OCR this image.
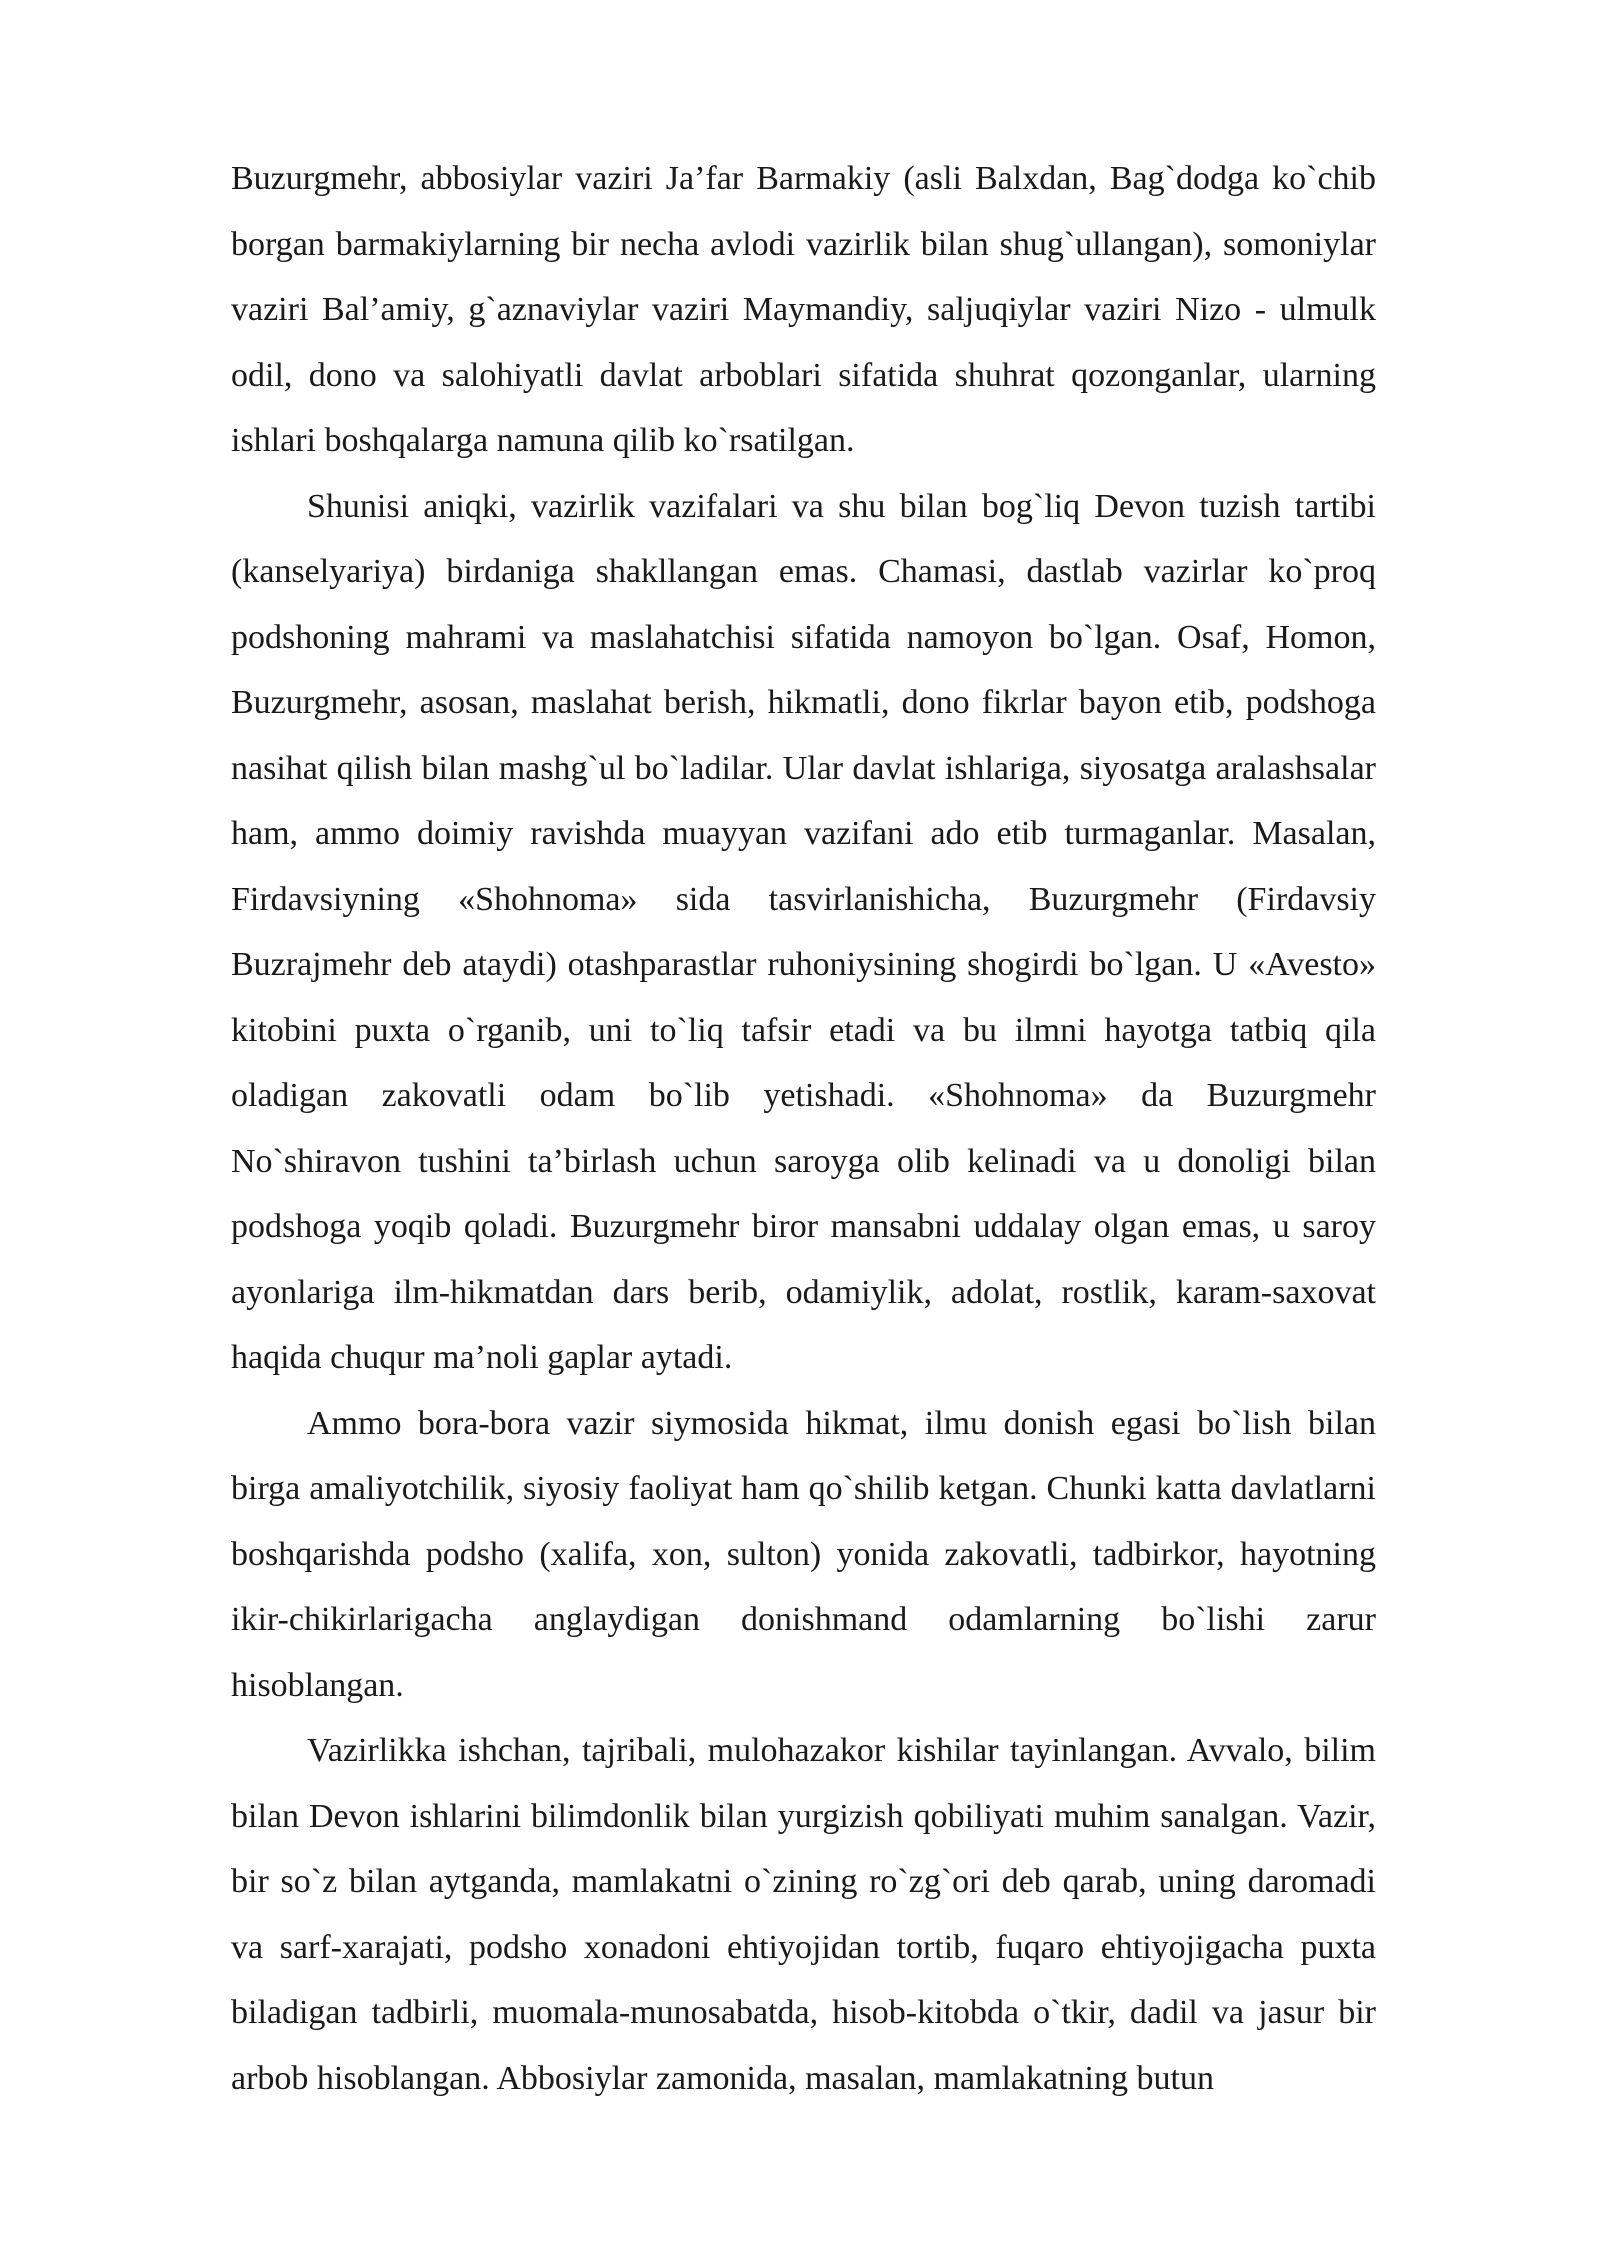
Buzurgmehr, abbosiylar vaziri Ja’far Barmakiy (asli Balxdan, Bag`dodga ko`chib borgan barmakiylarning bir necha avlodi vazirlik bilan shug`ullangan), somoniylar vaziri Bal’amiy, g`aznaviylar vaziri Maymandiy, saljuqiylar vaziri Nizo - ulmulk odil, dono va salohiyatli davlat arboblari sifatida shuhrat qozonganlar, ularning ishlari boshqalarga namuna qilib ko`rsatilgan.

Shunisi aniqki, vazirlik vazifalari va shu bilan bog`liq Devon tuzish tartibi (kanselyariya) birdaniga shakllangan emas. Chamasi, dastlab vazirlar ko`proq podshoning mahrami va maslahatchisi sifatida namoyon bo`lgan. Osaf, Homon, Buzurgmehr, asosan, maslahat berish, hikmatli, dono fikrlar bayon etib, podshoga nasihat qilish bilan mashg`ul bo`ladilar. Ular davlat ishlariga, siyosatga aralashsalar ham, ammo doimiy ravishda muayyan vazifani ado etib turmaganlar. Masalan, Firdavsiyning «Shohnoma» sida tasvirlanishicha, Buzurgmehr (Firdavsiy Buzrajmehr deb ataydi) otashparastlar ruhoniysining shogirdi bo`lgan. U «Avesto» kitobini puxta o`rganib, uni to`liq tafsir etadi va bu ilmni hayotga tatbiq qila oladigan zakovatli odam bo`lib yetishadi. «Shohnoma» da Buzurgmehr No`shiravon tushini ta’birlash uchun saroyga olib kelinadi va u donoligi bilan podshoga yoqib qoladi. Buzurgmehr biror mansabni uddalay olgan emas, u saroy ayonlariga ilm-hikmatdan dars berib, odamiylik, adolat, rostlik, karam-saxovat haqida chuqur ma’noli gaplar aytadi.

Ammo bora-bora vazir siymosida hikmat, ilmu donish egasi bo`lish bilan birga amaliyotchilik, siyosiy faoliyat ham qo`shilib ketgan. Chunki katta davlatlarni boshqarishda podsho (xalifa, xon, sulton) yonida zakovatli, tadbirkor, hayotning ikir-chikirlarigacha anglaydigan donishmand odamlarning bo`lishi zarur hisoblangan.

Vazirlikka ishchan, tajribali, mulohazakor kishilar tayinlangan. Avvalo, bilim bilan Devon ishlarini bilimdonlik bilan yurgizish qobiliyati muhim sanalgan. Vazir, bir so`z bilan aytganda, mamlakatni o`zining ro`zg`ori deb qarab, uning daromadi va sarf-xarajati, podsho xonadoni ehtiyojidan tortib, fuqaro ehtiyojigacha puxta biladigan tadbirli, muomala-munosabatda, hisob-kitobda o`tkir, dadil va jasur bir arbob hisoblangan. Abbosiylar zamonida, masalan, mamlakatning butun
